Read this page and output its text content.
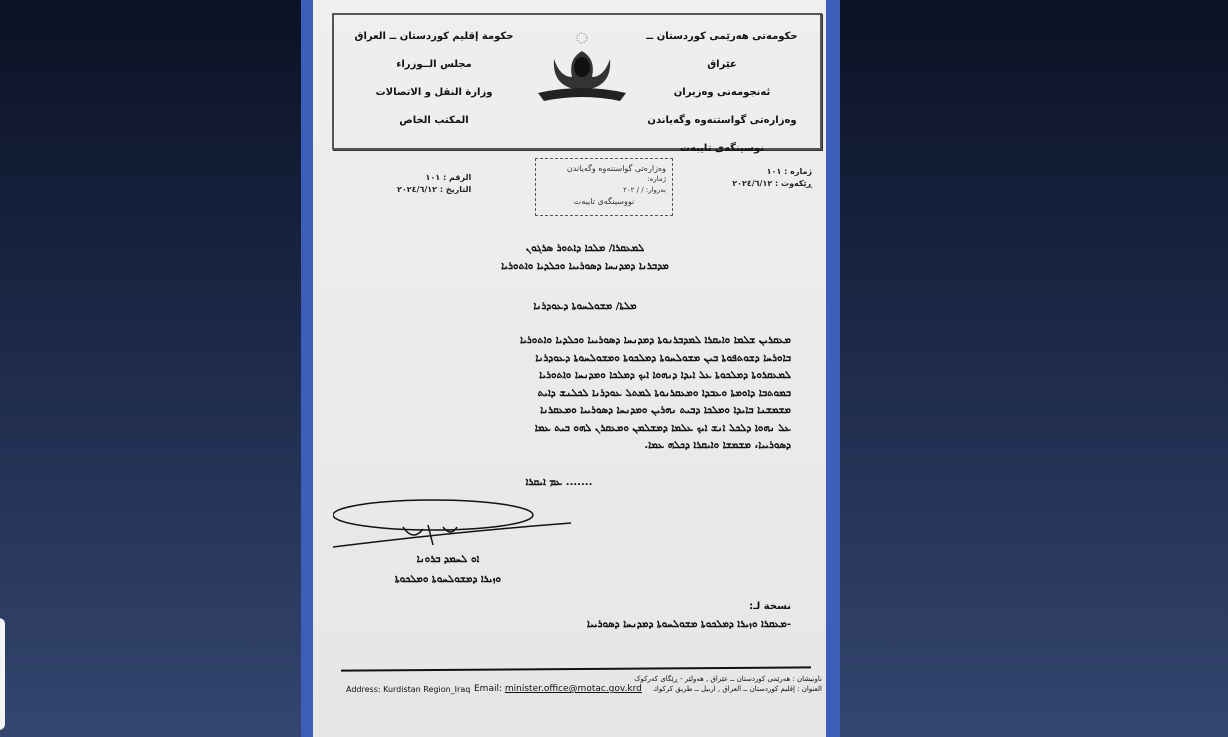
حکومەتی هەرێمی کوردستان ــ عێراق
ئەنجومەنی وەزیران
وەزارەتی گواستنەوە وگەیاندن
نوسینگەی تایبەت
حكومة إقليم كوردستان ــ العراق
مجلس الــوزراء
وزارة النقل و الاتصالات
المكتب الخاص
ژمارە : ١٠١
ڕێکەوت : ٢٠٢٤/٦/١٢
الرقم : ١٠١
التاريخ : ٢٠٢٤/٦/١٢
وەزارەتی گواستنەوە وگەیاندن
ژمارە:
بەروار: / / ٢٠٢
نووسینگەی تایبەت
ܠܡܥܩܪܐ/ ܡܠܟܐ ܕܐܬܘܪ ܣܪܓܘܢ
ܡܕܒܪܢܐ ܕܡܕܢܚܐ ܕܣܘܪܝܝܐ ܘܟܠܕܝܐ ܘܐܬܘܪܝܐ
ܡܠܬܐ/ ܡܫܘܠܚܘܬܐ ܕܥܘܕܪܢܐ
ܡܥܩܪܝܢ ܫܠܡܐ ܘܐܝܩܪܐ ܠܡܕܒܪܢܘܬܐ ܕܡܕܢܚܐ ܕܣܘܪܝܝܐ ܘܟܠܕܝܐ ܘܐܬܘܪܝܐ
ܒܐܘܪܚܐ ܕܫܘܬܦܘܬܐ ܒܝܢ ܡܫܘܠܚܘܬܐ ܕܡܠܟܘܬܐ ܘܡܫܘܠܚܘܬܐ ܕܥܘܕܪܢܐ
ܠܡܥܩܪܘܬܐ ܕܡܠܟܘܬܐ ܥܠ ܐܝܕܐ ܕܢܗܘܐ ܐܝܟ ܕܡܠܟܐ ܘܡܕܢܚܐ ܘܐܬܘܪܝܐ
ܒܡܘܬܒܐ ܕܐܘܡܬܐ ܘܥܒܕܐ ܘܡܥܩܪܢܘܬܐ ܠܡܬܠ ܥܘܕܪܢܐ ܠܟܠܢܫ ܕܐܝܬ
ܡܫܡܫܢܐ ܒܐܝܕܐ ܘܡܠܟܐ ܕܒܝܬ ܢܗܪܝܢ ܘܡܕܢܚܐ ܕܣܘܪܝܝܐ ܘܡܥܩܪܢܐ
ܥܠ ܢܗܘܐ ܕܠܟܠ ܐܢܫ ܐܝܟ ܥܠܡܐ ܕܡܫܠܡܢ ܘܡܥܩܪܢ ܠܗܘ ܒܝܬ ܥܡܐ
ܕܣܘܪܝܝܐ، ܡܫܡܫܐ ܘܐܝܩܪܐ ܕܟܠܗ ܥܡܐ.
....... ܥܡ ܐܝܩܪܐ
ܐܘ ܠܚܡܕ ܒܪܘܢܐ
ܘܙܝܪܐ ܕܡܫܘܠܚܘܬܐ ܘܡܠܟܘܬܐ
نسخة لـ:
-ܡܥܩܪܐ ܘܙܝܪܐ ܕܡܠܟܘܬܐ ܡܫܘܠܚܘܬܐ ܕܡܕܢܚܐ ܕܣܘܪܝܝܐ
Address: Kurdistan Region_Iraq Email: minister.office@motac.gov.krd
ناونیشان : هەرێمی کوردستان ــ عێراق , هەولێر - ڕێگای کەرکوک
العنوان : إقليم كوردستان ــ العراق , اربيل ــ طريق كركوك
